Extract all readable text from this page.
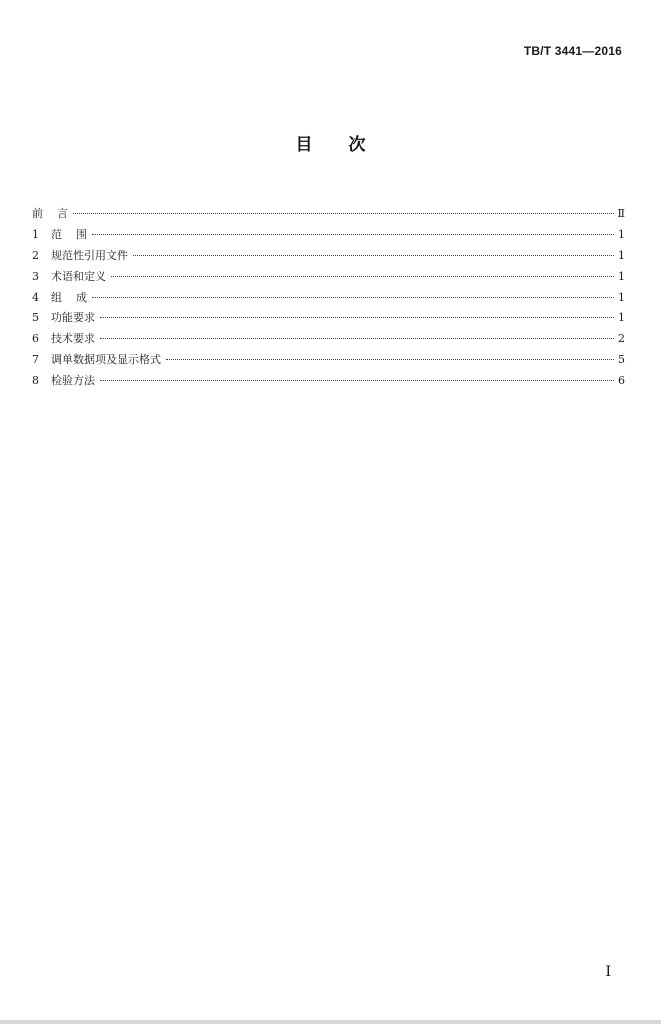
TB/T 3441—2016
目次
前    言	Ⅱ
1	范    围	1
2	规范性引用文件	1
3	术语和定义	1
4	组    成	1
5	功能要求	1
6	技术要求	2
7	调单数据项及显示格式	5
8	检验方法	6
I
